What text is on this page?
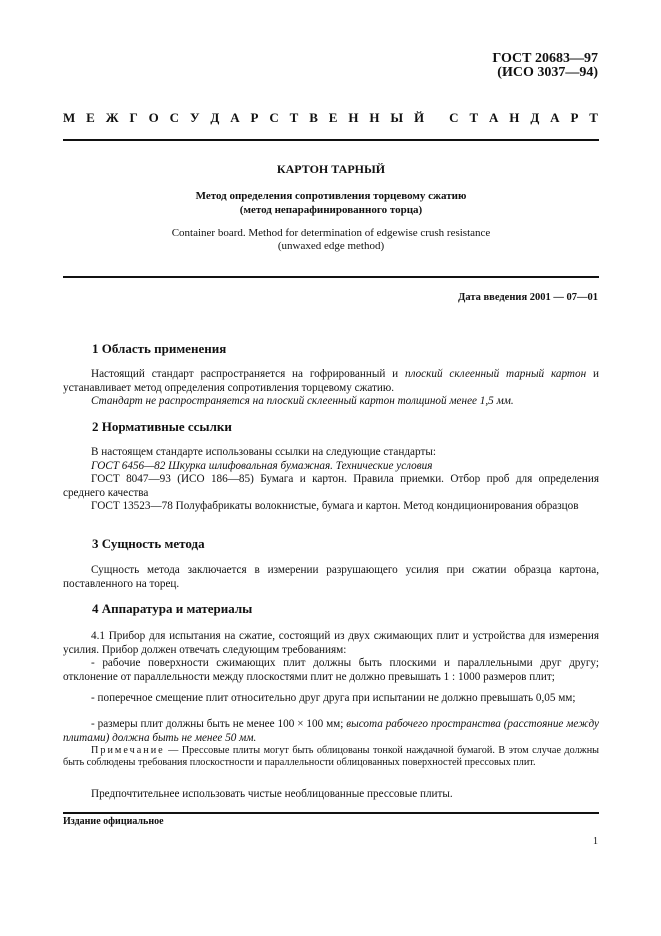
ГОСТ 20683—97
(ИСО 3037—94)
М Е Ж Г О С У Д А Р С Т В Е Н Н Ы Й
С Т А Н Д А Р Т
КАРТОН ТАРНЫЙ
Метод определения сопротивления торцевому сжатию
(метод непарафинированного торца)
Container board. Method for determination of edgewise crush resistance
(unwaxed edge method)
Дата введения 2001 — 07—01
1 Область применения

Настоящий стандарт распространяется на гофрированный и плоский склеенный тарный картон и устанавливает метод определения сопротивления торцевому сжатию.

Стандарт не распространяется на плоский склеенный картон толщиной менее 1,5 мм.

2 Нормативные ссылки

В настоящем стандарте использованы ссылки на следующие стандарты:

ГОСТ 6456—82 Шкурка шлифовальная бумажная. Технические условия

ГОСТ 8047—93 (ИСО 186—85) Бумага и картон. Правила приемки. Отбор проб для определения среднего качества

ГОСТ 13523—78 Полуфабрикаты волокнистые, бумага и картон. Метод кондиционирования образцов

3 Сущность метода

Сущность метода заключается в измерении разрушающего усилия при сжатии образца картона, поставленного на торец.

4 Аппаратура и материалы

4.1 Прибор для испытания на сжатие, состоящий из двух сжимающих плит и устройства для измерения усилия. Прибор должен отвечать следующим требованиям:

- рабочие поверхности сжимающих плит должны быть плоскими и параллельными друг другу; отклонение от параллельности между плоскостями плит не должно превышать 1 : 1000 размеров плит;

- поперечное смещение плит относительно друг друга при испытании не должно превышать 0,05 мм;

- размеры плит должны быть не менее 100 × 100 мм; высота рабочего пространства (расстояние между плитами) должна быть не менее 50 мм.

Примечание — Прессовые плиты могут быть облицованы тонкой наждачной бумагой. В этом случае должны быть соблюдены требования плоскостности и параллельности облицованных поверхностей прессовых плит.

Предпочтительнее использовать чистые необлицованные прессовые плиты.

Издание официальное
1
